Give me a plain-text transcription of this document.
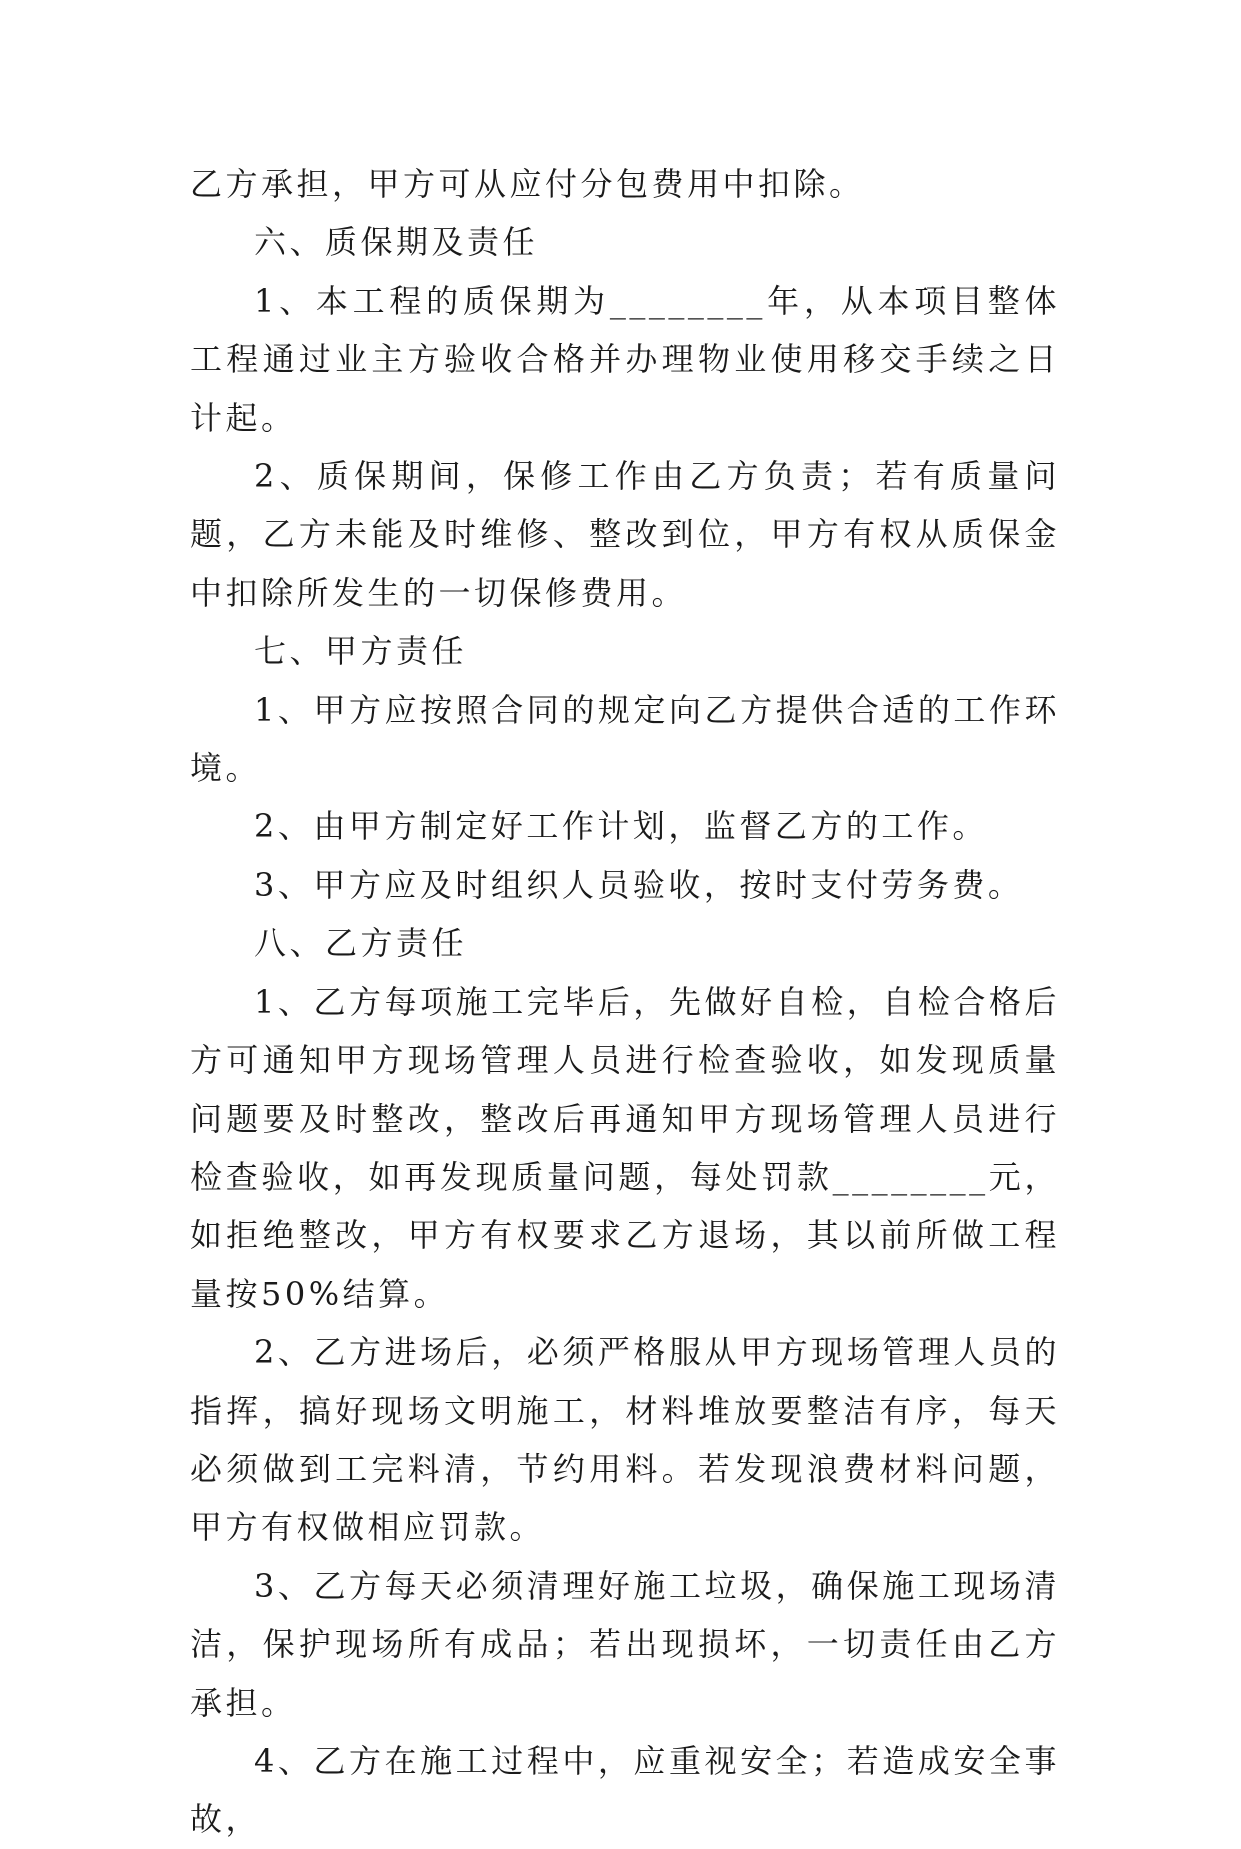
乙方承担，甲方可从应付分包费用中扣除。

六、质保期及责任

1、本工程的质保期为________年，从本项目整体工程通过业主方验收合格并办理物业使用移交手续之日计起。

2、质保期间，保修工作由乙方负责；若有质量问题，乙方未能及时维修、整改到位，甲方有权从质保金中扣除所发生的一切保修费用。

七、甲方责任

1、甲方应按照合同的规定向乙方提供合适的工作环境。

2、由甲方制定好工作计划，监督乙方的工作。

3、甲方应及时组织人员验收，按时支付劳务费。

八、乙方责任

1、乙方每项施工完毕后，先做好自检，自检合格后方可通知甲方现场管理人员进行检查验收，如发现质量问题要及时整改，整改后再通知甲方现场管理人员进行检查验收，如再发现质量问题，每处罚款________元，如拒绝整改，甲方有权要求乙方退场，其以前所做工程量按50%结算。

2、乙方进场后，必须严格服从甲方现场管理人员的指挥，搞好现场文明施工，材料堆放要整洁有序，每天必须做到工完料清，节约用料。若发现浪费材料问题，甲方有权做相应罚款。

3、乙方每天必须清理好施工垃圾，确保施工现场清洁，保护现场所有成品；若出现损坏，一切责任由乙方承担。

4、乙方在施工过程中，应重视安全；若造成安全事故，
